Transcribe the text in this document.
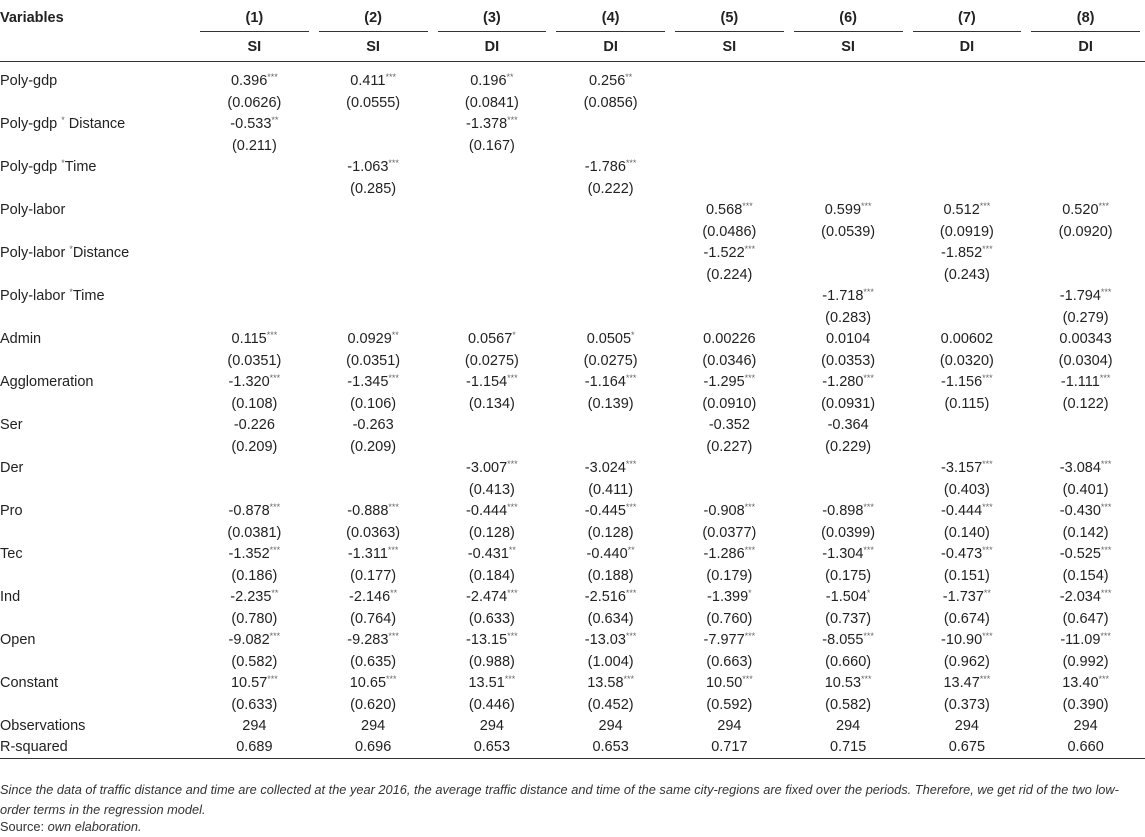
Variables	(1)	(2)	(3)	(4)	(5)	(6)	(7)	(8)
	SI	SI	DI	DI	SI	SI	DI	DI
Poly-gdp	0.396***	0.411***	0.196**	0.256**				
	(0.0626)	(0.0555)	(0.0841)	(0.0856)				
Poly-gdp * Distance	-0.533**		-1.378***					
	(0.211)		(0.167)					
Poly-gdp *Time		-1.063***		-1.786***				
		(0.285)		(0.222)				
Poly-labor					0.568***	0.599***	0.512***	0.520***
					(0.0486)	(0.0539)	(0.0919)	(0.0920)
Poly-labor *Distance					-1.522***		-1.852***	
					(0.224)		(0.243)	
Poly-labor *Time						-1.718***		-1.794***
						(0.283)		(0.279)
Admin	0.115***	0.0929**	0.0567*	0.0505*	0.00226	0.0104	0.00602	0.00343
	(0.0351)	(0.0351)	(0.0275)	(0.0275)	(0.0346)	(0.0353)	(0.0320)	(0.0304)
Agglomeration	-1.320***	-1.345***	-1.154***	-1.164***	-1.295***	-1.280***	-1.156***	-1.111***
	(0.108)	(0.106)	(0.134)	(0.139)	(0.0910)	(0.0931)	(0.115)	(0.122)
Ser	-0.226	-0.263			-0.352	-0.364		
	(0.209)	(0.209)			(0.227)	(0.229)		
Der			-3.007***	-3.024***			-3.157***	-3.084***
			(0.413)	(0.411)			(0.403)	(0.401)
Pro	-0.878***	-0.888***	-0.444***	-0.445***	-0.908***	-0.898***	-0.444***	-0.430***
	(0.0381)	(0.0363)	(0.128)	(0.128)	(0.0377)	(0.0399)	(0.140)	(0.142)
Tec	-1.352***	-1.311***	-0.431**	-0.440**	-1.286***	-1.304***	-0.473***	-0.525***
	(0.186)	(0.177)	(0.184)	(0.188)	(0.179)	(0.175)	(0.151)	(0.154)
Ind	-2.235**	-2.146**	-2.474***	-2.516***	-1.399*	-1.504*	-1.737**	-2.034***
	(0.780)	(0.764)	(0.633)	(0.634)	(0.760)	(0.737)	(0.674)	(0.647)
Open	-9.082***	-9.283***	-13.15***	-13.03***	-7.977***	-8.055***	-10.90***	-11.09***
	(0.582)	(0.635)	(0.988)	(1.004)	(0.663)	(0.660)	(0.962)	(0.992)
Constant	10.57***	10.65***	13.51***	13.58***	10.50***	10.53***	13.47***	13.40***
	(0.633)	(0.620)	(0.446)	(0.452)	(0.592)	(0.582)	(0.373)	(0.390)
Observations	294	294	294	294	294	294	294	294
R-squared	0.689	0.696	0.653	0.653	0.717	0.715	0.675	0.660
Since the data of traffic distance and time are collected at the year 2016, the average traffic distance and time of the same city-regions are fixed over the periods. Therefore, we get rid of the two low-order terms in the regression model.
Source: own elaboration.
